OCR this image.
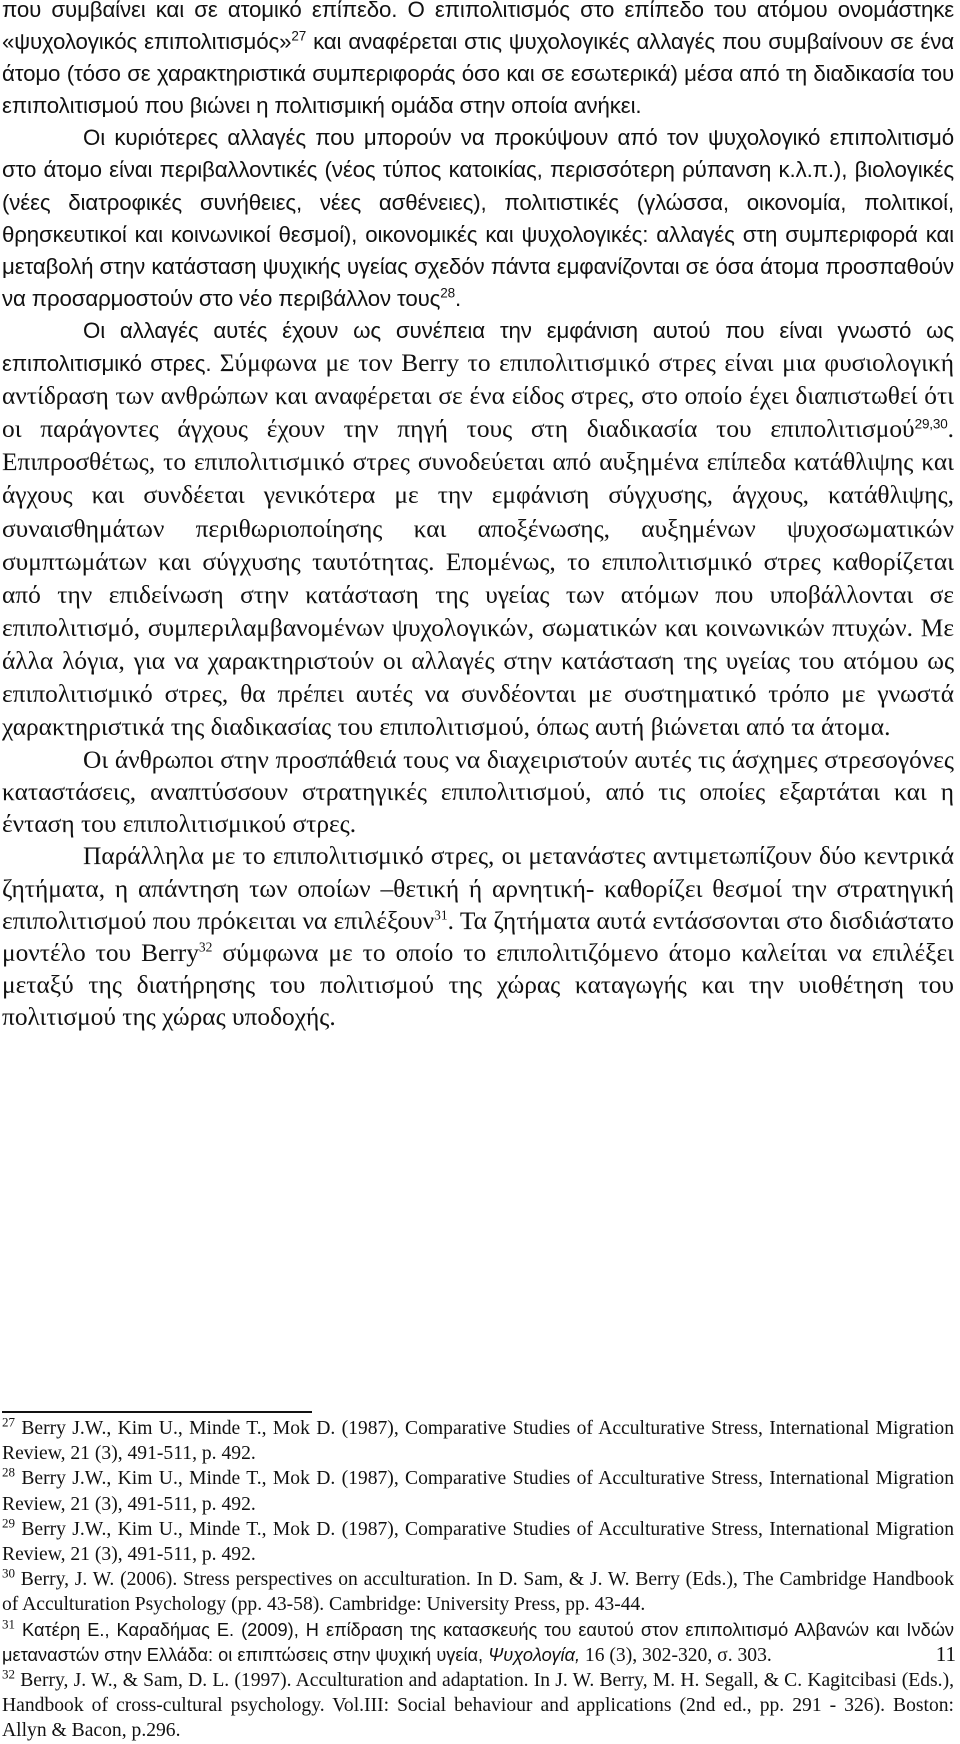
που συμβαίνει και σε ατομικό επίπεδο. Ο επιπολιτισμός στο επίπεδο του ατόμου ονομάστηκε «ψυχολογικός επιπολιτισμός»$^{27}$ και αναφέρεται στις ψυχολογικές αλλαγές που συμβαίνουν σε ένα άτομο (τόσο σε χαρακτηριστικά συμπεριφοράς όσο και σε εσωτερικά) μέσα από τη διαδικασία του επιπολιτισμού που βιώνει η πολιτισμική ομάδα στην οποία ανήκει.

Οι κυριότερες αλλαγές που μπορούν να προκύψουν από τον ψυχολογικό επιπολιτισμό στο άτομο είναι περιβαλλοντικές (νέος τύπος κατοικίας, περισσότερη ρύπανση κ.λ.π.), βιολογικές (νέες διατροφικές συνήθειες, νέες ασθένειες), πολιτιστικές (γλώσσα, οικονομία, πολιτικοί, θρησκευτικοί και κοινωνικοί θεσμοί), οικονομικές και ψυχολογικές: αλλαγές στη συμπεριφορά και μεταβολή στην κατάσταση ψυχικής υγείας σχεδόν πάντα εμφανίζονται σε όσα άτομα προσπαθούν να προσαρμοστούν στο νέο περιβάλλον τους$^{28}$.

Οι αλλαγές αυτές έχουν ως συνέπεια την εμφάνιση αυτού που είναι γνωστό ως επιπολιτισμικό στρες. Σύμφωνα με τον Berry το επιπολιτισμικό στρες είναι μια φυσιολογική αντίδραση των ανθρώπων και αναφέρεται σε ένα είδος στρες, στο οποίο έχει διαπιστωθεί ότι οι παράγοντες άγχους έχουν την πηγή τους στη διαδικασία του επιπολιτισμού$^{29,30}$. Επιπροσθέτως, το επιπολιτισμικό στρες συνοδεύεται από αυξημένα επίπεδα κατάθλιψης και άγχους και συνδέεται γενικότερα με την εμφάνιση σύγχυσης, άγχους, κατάθλιψης, συναισθημάτων περιθωριοποίησης και αποξένωσης, αυξημένων ψυχοσωματικών συμπτωμάτων και σύγχυσης ταυτότητας. Επομένως, το επιπολιτισμικό στρες καθορίζεται από την επιδείνωση στην κατάσταση της υγείας των ατόμων που υποβάλλονται σε επιπολιτισμό, συμπεριλαμβανομένων ψυχολογικών, σωματικών και κοινωνικών πτυχών. Με άλλα λόγια, για να χαρακτηριστούν οι αλλαγές στην κατάσταση της υγείας του ατόμου ως επιπολιτισμικό στρες, θα πρέπει αυτές να συνδέονται με συστηματικό τρόπο με γνωστά χαρακτηριστικά της διαδικασίας του επιπολιτισμού, όπως αυτή βιώνεται από τα άτομα.

Οι άνθρωποι στην προσπάθειά τους να διαχειριστούν αυτές τις άσχημες στρεσογόνες καταστάσεις, αναπτύσσουν στρατηγικές επιπολιτισμού, από τις οποίες εξαρτάται και η ένταση του επιπολιτισμικού στρες.

Παράλληλα με το επιπολιτισμικό στρες, οι μετανάστες αντιμετωπίζουν δύο κεντρικά ζητήματα, η απάντηση των οποίων –θετική ή αρνητική- καθορίζει θεσμοί την στρατηγική επιπολιτισμού που πρόκειται να επιλέξουν$^{31}$. Τα ζητήματα αυτά εντάσσονται στο δισδιάστατο μοντέλο του Berry$^{32}$ σύμφωνα με το οποίο το επιπολιτιζόμενο άτομο καλείται να επιλέξει μεταξύ της διατήρησης του πολιτισμού της χώρας καταγωγής και την υιοθέτηση του πολιτισμού της χώρας υποδοχής.

$^{27}$ Berry J.W., Kim U., Minde T., Mok D. (1987), Comparative Studies of Acculturative Stress, International Migration Review, 21 (3), 491-511, p. 492.

$^{28}$ Berry J.W., Kim U., Minde T., Mok D. (1987), Comparative Studies of Acculturative Stress, International Migration Review, 21 (3), 491-511, p. 492.

$^{29}$ Berry J.W., Kim U., Minde T., Mok D. (1987), Comparative Studies of Acculturative Stress, International Migration Review, 21 (3), 491-511, p. 492.

$^{30}$ Berry, J. W. (2006). Stress perspectives on acculturation. In D. Sam, & J. W. Berry (Eds.), The Cambridge Handbook of Acculturation Psychology (pp. 43-58). Cambridge: University Press, pp. 43-44.

$^{31}$ Κατέρη Ε., Καραδήμας Ε. (2009), Η επίδραση της κατασκευής του εαυτού στον επιπολιτισμό Αλβανών και Ινδών μεταναστών στην Ελλάδα: οι επιπτώσεις στην ψυχική υγεία, Ψυχολογία, 16 (3), 302-320, σ. 303.

$^{32}$ Berry, J. W., & Sam, D. L. (1997). Acculturation and adaptation. In J. W. Berry, M. H. Segall, & C. Kagitcibasi (Eds.), Handbook of cross-cultural psychology. Vol.III: Social behaviour and applications (2nd ed., pp. 291 ‑ 326). Boston: Allyn & Bacon, p.296.

11
